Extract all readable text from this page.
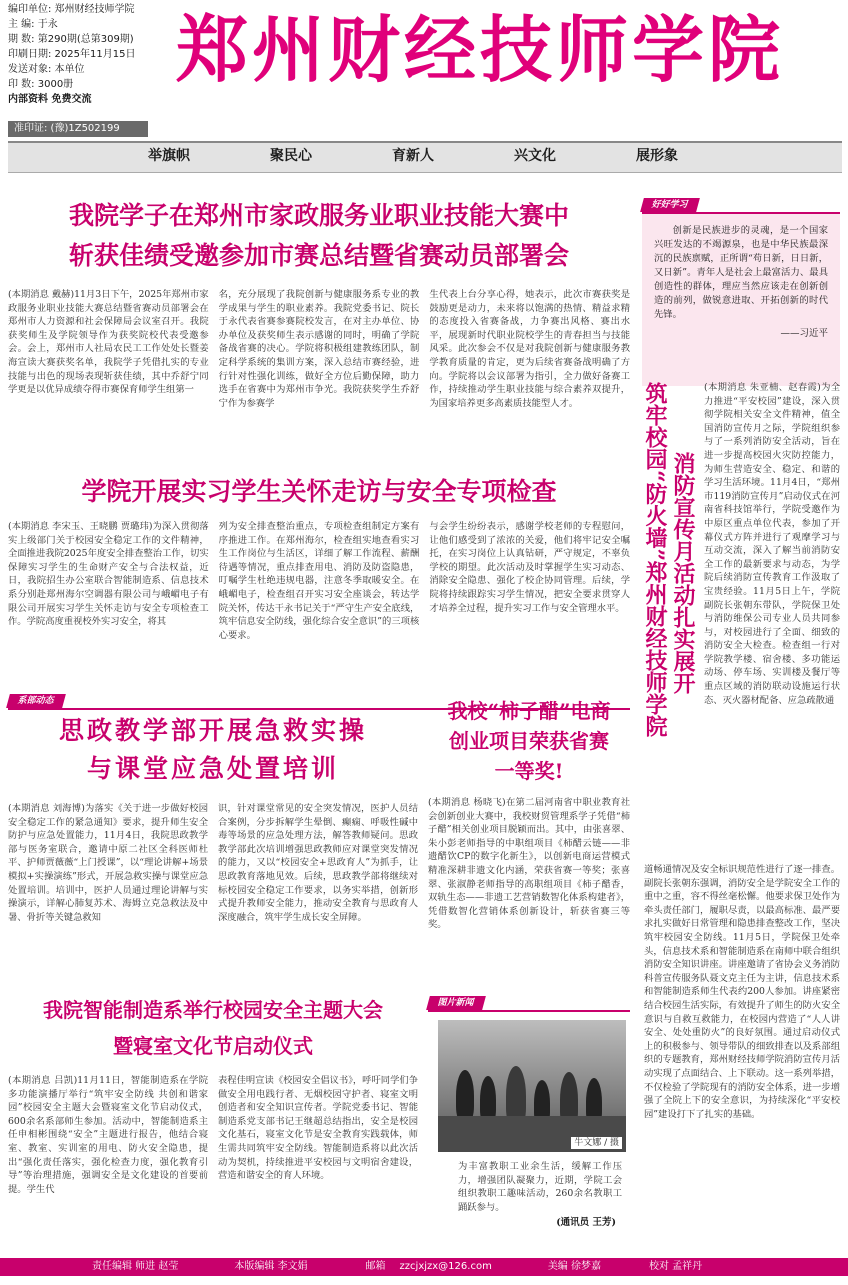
编印单位: 郑州财经技师学院
主 编: 于永
期 数: 第290期(总第309期)
印刷日期: 2025年11月15日
发送对象: 本单位
印 数: 3000册
内部资料 免费交流
准印证: (豫)1Z502199
郑州财经技师学院
举旗帜	聚民心	育新人	兴文化	展形象
我院学子在郑州市家政服务业职业技能大赛中
斩获佳绩受邀参加市赛总结暨省赛动员部署会
(本期消息 戴赫)11月3日下午，2025年郑州市家政服务业职业技能大赛总结暨省赛动员部署会在郑州市人力资源和社会保障局会议室召开。我院获奖师生及学院领导作为获奖院校代表受邀参会。会上，郑州市人社局农民工工作处处长暨姜海宣读大赛获奖名单，我院学子凭借扎实的专业技能与出色的现场表现斩获佳绩，其中乔舒宁同学更是以优异成绩夺得市赛保育师学生组第一
名，充分展现了我院创新与健康服务系专业的教学成果与学生的职业素养。我院党委书记、院长于永代表省赛参赛院校发言，在对主办单位、协办单位及获奖师生表示感谢的同时，明确了学院备战省赛的决心。学院将积极组建教练团队，制定科学系统的集训方案，深入总结市赛经验，进行针对性强化训练，做好全方位后勤保障，助力选手在省赛中为郑州市争光。我院获奖学生乔舒宁作为参赛学
生代表上台分享心得，她表示，此次市赛获奖是鼓励更是动力，未来将以饱满的热情、精益求精的态度投入省赛备战，力争赛出风格、赛出水平，展现新时代职业院校学生的青春担当与技能风采。此次参会不仅是对我院创新与健康服务教学教育质量的肯定，更为后续省赛备战明确了方向。学院将以会议部署为指引，全力做好备赛工作，持续推动学生职业技能与综合素养双提升，为国家培养更多高素质技能型人才。
学院开展实习学生关怀走访与安全专项检查
(本期消息 李宋玉、王晓鹏 贾璐玮)为深入贯彻落实上级部门关于校园安全稳定工作的文件精神，全面推进我院2025年度安全排查整治工作，切实保障实习学生的生命财产安全与合法权益，近日，我院招生办公室联合智能制造系、信息技术系分别赴郑州海尔空调器有限公司与峨嵋电子有限公司开展实习学生关怀走访与安全专项检查工作。学院高度重视校外实习安全，将其
列为安全排查整治重点，专项检查组制定方案有序推进工作。在郑州海尔，检查组实地查看实习生工作岗位与生活区，详细了解工作流程、薪酬待遇等情况，重点排查用电、消防及防盗隐患，叮嘱学生杜绝违规电器，注意冬季取暖安全。在峨嵋电子，检查组召开实习安全座谈会，转达学院关怀，传达干永书记关于“严守生产安全底线，筑牢信息安全防线，强化综合安全意识”的三项核心要求。
与会学生纷纷表示，感谢学校老师的专程慰问，让他们感受到了浓浓的关爱，他们将牢记安全嘱托，在实习岗位上认真钻研，严守规定，不辜负学校的期望。此次活动及时掌握学生实习动态、消除安全隐患、强化了校企协同管理。后续，学院将持续跟踪实习学生情况，把安全要求贯穿人才培养全过程，提升实习工作与安全管理水平。
系部动态
思政教学部开展急救实操
与课堂应急处置培训
(本期消息 刘海博)为落实《关于进一步做好校园安全稳定工作的紧急通知》要求，提升师生安全防护与应急处置能力，11月4日，我院思政教学部与医务室联合，邀请中原二社区全科医师杜平、护师贾薇薇“上门授课”，以“理论讲解+场景模拟+实操演练”形式，开展急救实操与课堂应急处置培训。培训中，医护人员通过理论讲解与实操演示，详解心肺复苏术、海姆立克急救法及中暑、骨折等关键急救知
识，针对课堂常见的安全突发情况，医护人员结合案例，分步拆解学生晕倒、癫痫、呼吸性碱中毒等场景的应急处理方法，解答教师疑问。思政教学部此次培训增强思政教师应对课堂突发情况的能力，又以“校园安全+思政育人”为抓手，让思政教育落地见效。后续，思政教学部将继续对标校园安全稳定工作要求，以务实举措，创新形式提升教师安全能力，推动安全教育与思政育人深度融合，筑牢学生成长安全屏障。
我校“柿子醋”电商
创业项目荣获省赛
一等奖!
(本期消息 杨晓飞)在第二届河南省中职业教育社会创新创业大赛中，我校财贸管理系学子凭借“柿子醋”相关创业项目脱颖而出。其中，由张喜翠、朱小彭老师指导的中职组项目《柿醋云链——非遗醋饮CP的数字化新生》，以创新电商运营模式精准深耕非遗文化内涵，荣获省赛一等奖；张喜翠、张淑静老师指导的高职组项目《柿子醋香，双轨生态——非遗工艺营销数智化体系构建者》，凭借数智化营销体系创新设计，斩获省赛三等奖。
我院智能制造系举行校园安全主题大会
暨寝室文化节启动仪式
(本期消息 吕凯)11月11日，智能制造系在学院多功能演播厅举行“筑牢安全防线 共创和谐家园”校园安全主题大会暨寝室文化节启动仪式，600余名系部师生参加。活动中，智能制造系主任申相彬围绕“安全”主题进行报告，他结合寝室、教室、实训室的用电、防火安全隐患，提出“强化责任落实，强化检查力度，强化教育引导”等治理措施，强调安全是文化建设的首要前提。学生代
表程佳明宣读《校园安全倡议书》，呼吁同学们争做安全用电践行者、无烟校园守护者、寝室文明创造者和安全知识宣传者。学院党委书记、智能制造系党支部书记王继超总结指出，安全是校园文化基石，寝室文化节是安全教育实践载体，师生需共同筑牢安全防线。智能制造系将以此次活动为契机，持续推进平安校园与文明宿舍建设，营造和谐安全的育人环境。
图片新闻
牛文娜 / 摄
为丰富教职工业余生活，缓解工作压力，增强团队凝聚力，近期，学院工会组织教职工趣味活动，260余名教职工踊跃参与。
(通讯员 王芳)
好好学习
创新是民族进步的灵魂，是一个国家兴旺发达的不竭源泉，也是中华民族最深沉的民族禀赋，正所谓“苟日新，日日新，又日新”。青年人是社会上最富活力、最具创造性的群体，理应当然应该走在创新创造的前列，做锐意进取、开拓创新的时代先锋。
——习近平
筑牢校园“防火墙”郑州财经技师学院 消防宣传月活动扎实展开
(本期消息 朱亚楠、赵春霞)为全力推进“平安校园”建设，深入贯彻学院相关安全文件精神，值全国消防宣传月之际，学院组织参与了一系列消防安全活动，旨在进一步提高校园火灾防控能力，为师生营造安全、稳定、和谐的学习生活环境。11月4日，“郑州市119消防宣传月”启动仪式在河南省科技馆举行，学院受邀作为中原区重点单位代表，参加了开幕仪式方阵并进行了观摩学习与互动交流，深入了解当前消防安全工作的最新要求与动态，为学院后续消防宣传教育工作汲取了宝贵经验。11月5日上午，学院副院长张朝东带队，学院保卫处与消防维保公司专业人员共同参与，对校园进行了全面、细致的消防安全大检查。检查组一行对学院教学楼、宿舍楼、多功能运动场、停车场、实训楼及餐厅等重点区域的消防联动设施运行状态、灭火器材配备、应急疏散通
道畅通情况及安全标识规范性进行了逐一排查。副院长张朝东强调，消防安全是学院安全工作的重中之重，容不得丝毫松懈。他要求保卫处作为牵头责任部门，履职尽责，以最高标准、最严要求扎实做好日常管理和隐患排查整改工作，坚决筑牢校园安全防线。11月5日，学院保卫处牵头，信息技术系和智能制造系在南师中联合组织消防安全知识讲座。讲座邀请了省协会义务消防科普宣传服务队聂文克主任为主讲，信息技术系和智能制造系师生代表约200人参加。讲座紧密结合校园生活实际，有效提升了师生的防火安全意识与自救互救能力，在校园内营造了“人人讲安全、处处重防火”的良好氛围。通过启动仪式上的积极参与、领导带队的细致排查以及系部组织的专题教育，郑州财经技师学院消防宣传月活动实现了点面结合、上下联动。这一系列举措，不仅检验了学院现有的消防安全体系，进一步增强了全院上下的安全意识，为持续深化“平安校园”建设打下了扎实的基础。
责任编辑 师进 赵莹	本版编辑 李文娟	邮箱 zzcjxjzx@126.com	美编 徐梦嘉	校对 孟祥丹
